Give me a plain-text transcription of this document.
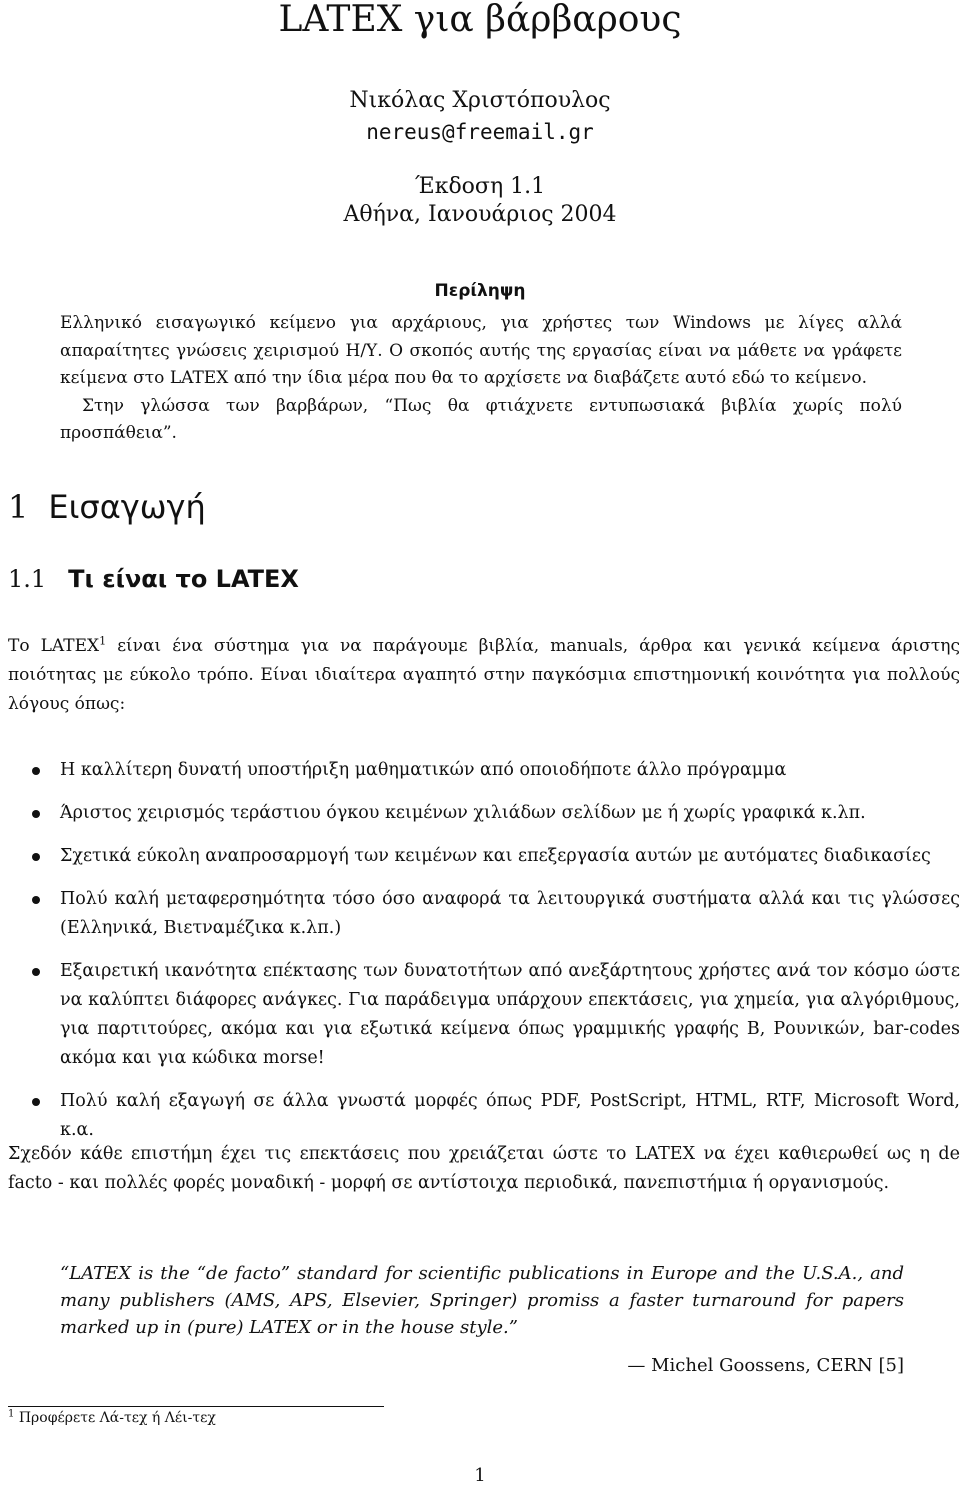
LATEX για βάρβαρους
Νικόλας Χριστόπουλος
nereus@freemail.gr
Έκδοση 1.1
Αθήνα, Ιανουάριος 2004
Περίληψη

Ελληνικό εισαγωγικό κείμενο για αρχάριους, για χρήστες των Windows με λίγες αλλά απαραίτητες γνώσεις χειρισμού Η/Υ. Ο σκοπός αυτής της εργασίας είναι να μάθετε να γράφετε κείμενα στο LATEX από την ίδια μέρα που θα το αρχίσετε να διαβάζετε αυτό εδώ το κείμενο.

Στην γλώσσα των βαρβάρων, “Πως θα φτιάχνετε εντυπωσιακά βιβλία χωρίς πολύ προσπάθεια”.

1 Εισαγωγή
1.1 Τι είναι το LATEX
Το LATEX$^1$ είναι ένα σύστημα για να παράγουμε βιβλία, manuals, άρθρα και γενικά κείμενα άριστης ποιότητας με εύκολο τρόπο. Είναι ιδιαίτερα αγαπητό στην παγκόσμια επιστημονική κοινότητα για πολλούς λόγους όπως:
Η καλλίτερη δυνατή υποστήριξη μαθηματικών από οποιοδήποτε άλλο πρόγραμμα
Άριστος χειρισμός τεράστιου όγκου κειμένων χιλιάδων σελίδων με ή χωρίς γραφικά κ.λπ.
Σχετικά εύκολη αναπροσαρμογή των κειμένων και επεξεργασία αυτών με αυτόματες διαδικασίες
Πολύ καλή μεταφερσημότητα τόσο όσο αναφορά τα λειτουργικά συστήματα αλλά και τις γλώσσες (Ελληνικά, Βιετναμέζικα κ.λπ.)
Εξαιρετική ικανότητα επέκτασης των δυνατοτήτων από ανεξάρτητους χρήστες ανά τον κόσμο ώστε να καλύπτει διάφορες ανάγκες. Για παράδειγμα υπάρχουν επεκτάσεις, για χημεία, για αλγόριθμους, για παρτιτούρες, ακόμα και για εξωτικά κείμενα όπως γραμμικής γραφής Β, Ρουνικών, bar-codes ακόμα και για κώδικα morse!
Πολύ καλή εξαγωγή σε άλλα γνωστά μορφές όπως PDF, PostScript, HTML, RTF, Microsoft Word, κ.α.
Σχεδόν κάθε επιστήμη έχει τις επεκτάσεις που χρειάζεται ώστε το LATEX να έχει καθιερωθεί ως η de facto - και πολλές φορές μοναδική - μορφή σε αντίστοιχα περιοδικά, πανεπιστήμια ή οργανισμούς.
“LATEX is the “de facto” standard for scientific publications in Europe and the U.S.A., and many publishers (AMS, APS, Elsevier, Springer) promiss a faster turnaround for papers marked up in (pure) LATEX or in the house style.”
— Michel Goossens, CERN [5]
$^1$ Προφέρετε Λά-τεχ ή Λέι-τεχ
1
